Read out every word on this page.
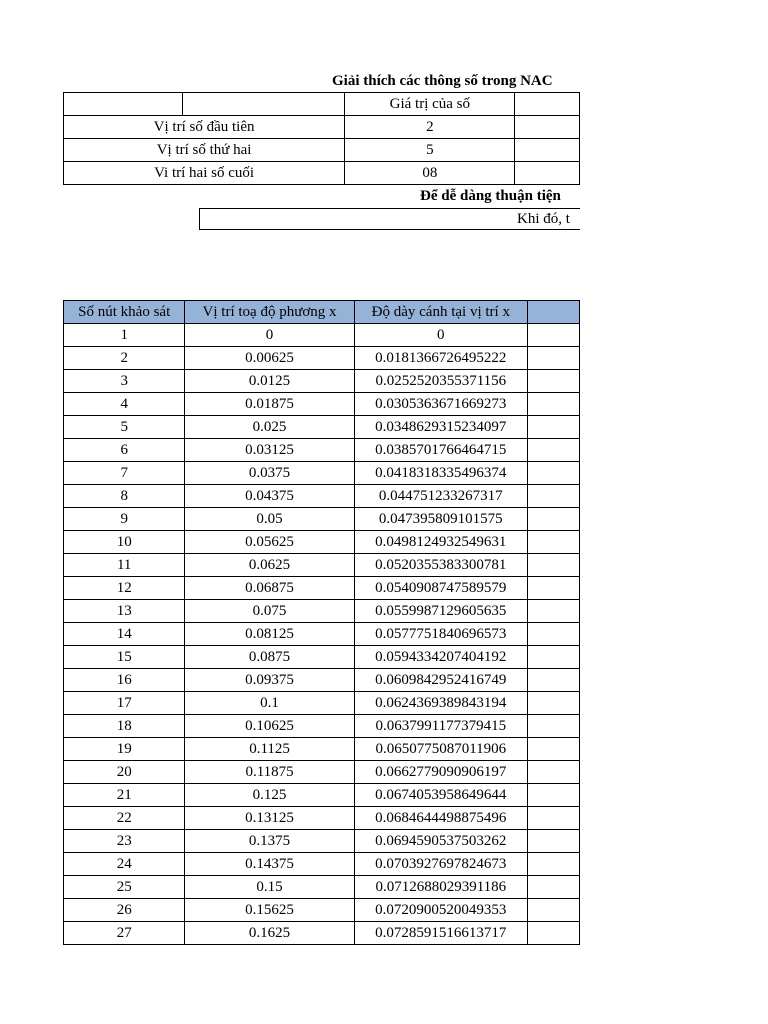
Giải thích các thông số trong NAC
		Giá trị của số	
Vị trí số đầu tiên		2	
Vị trí số thứ hai		5	
Vi trí hai số cuối		08	
Để dễ dàng thuận tiện
Khi đó, t
Số nút khảo sát	Vị trí toạ độ phương x	Độ dày cánh tại vị trí x	
1	0	0	
2	0.00625	0.0181366726495222	
3	0.0125	0.0252520355371156	
4	0.01875	0.0305363671669273	
5	0.025	0.0348629315234097	
6	0.03125	0.0385701766464715	
7	0.0375	0.0418318335496374	
8	0.04375	0.044751233267317	
9	0.05	0.047395809101575	
10	0.05625	0.0498124932549631	
11	0.0625	0.0520355383300781	
12	0.06875	0.0540908747589579	
13	0.075	0.0559987129605635	
14	0.08125	0.0577751840696573	
15	0.0875	0.0594334207404192	
16	0.09375	0.0609842952416749	
17	0.1	0.0624369389843194	
18	0.10625	0.0637991177379415	
19	0.1125	0.0650775087011906	
20	0.11875	0.0662779090906197	
21	0.125	0.0674053958649644	
22	0.13125	0.0684644498875496	
23	0.1375	0.0694590537503262	
24	0.14375	0.0703927697824673	
25	0.15	0.0712688029391186	
26	0.15625	0.0720900520049353	
27	0.1625	0.0728591516613717	
